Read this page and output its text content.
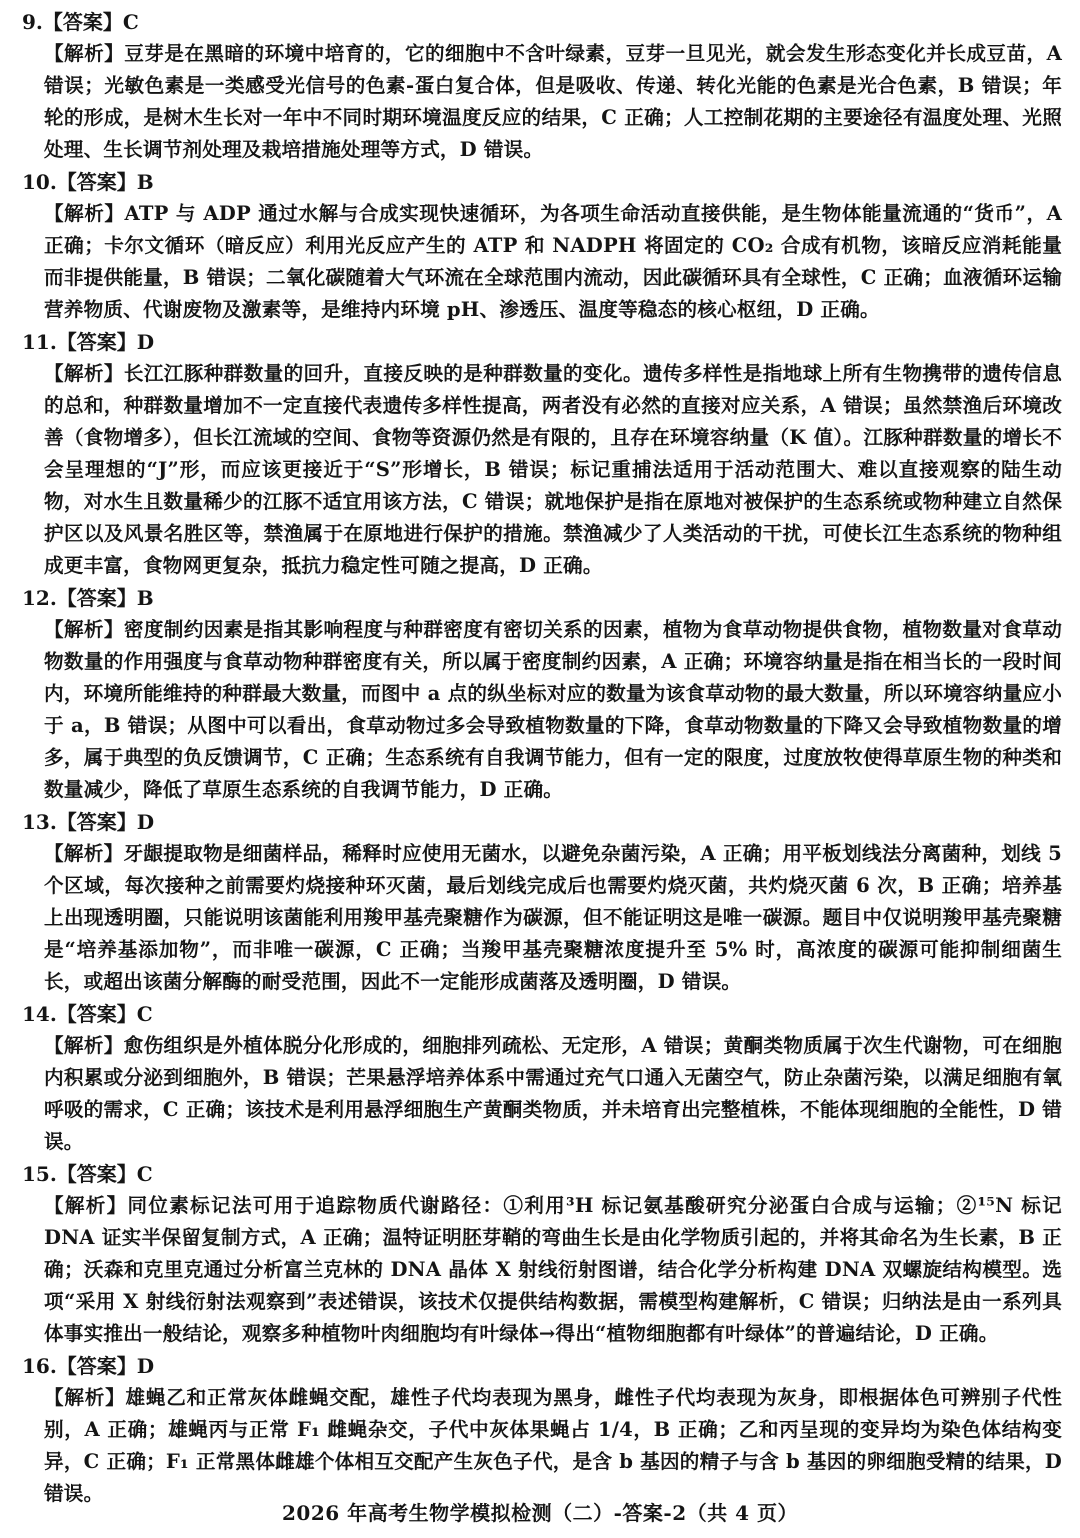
9.【答案】C
【解析】豆芽是在黑暗的环境中培育的，它的细胞中不含叶绿素，豆芽一旦见光，就会发生形态变化并长成豆苗，A 错误；光敏色素是一类感受光信号的色素-蛋白复合体，但是吸收、传递、转化光能的色素是光合色素，B 错误；年轮的形成，是树木生长对一年中不同时期环境温度反应的结果，C 正确；人工控制花期的主要途径有温度处理、光照处理、生长调节剂处理及栽培措施处理等方式，D 错误。
10.【答案】B
【解析】ATP 与 ADP 通过水解与合成实现快速循环，为各项生命活动直接供能，是生物体能量流通的“货币”，A 正确；卡尔文循环（暗反应）利用光反应产生的 ATP 和 NADPH 将固定的 CO₂ 合成有机物，该暗反应消耗能量而非提供能量，B 错误；二氧化碳随着大气环流在全球范围内流动，因此碳循环具有全球性，C 正确；血液循环运输营养物质、代谢废物及激素等，是维持内环境 pH、渗透压、温度等稳态的核心枢纽，D 正确。
11.【答案】D
【解析】长江江豚种群数量的回升，直接反映的是种群数量的变化。遗传多样性是指地球上所有生物携带的遗传信息的总和，种群数量增加不一定直接代表遗传多样性提高，两者没有必然的直接对应关系，A 错误；虽然禁渔后环境改善（食物增多），但长江流域的空间、食物等资源仍然是有限的，且存在环境容纳量（K 值）。江豚种群数量的增长不会呈理想的“J”形，而应该更接近于“S”形增长，B 错误；标记重捕法适用于活动范围大、难以直接观察的陆生动物，对水生且数量稀少的江豚不适宜用该方法，C 错误；就地保护是指在原地对被保护的生态系统或物种建立自然保护区以及风景名胜区等，禁渔属于在原地进行保护的措施。禁渔减少了人类活动的干扰，可使长江生态系统的物种组成更丰富，食物网更复杂，抵抗力稳定性可随之提高，D 正确。
12.【答案】B
【解析】密度制约因素是指其影响程度与种群密度有密切关系的因素，植物为食草动物提供食物，植物数量对食草动物数量的作用强度与食草动物种群密度有关，所以属于密度制约因素，A 正确；环境容纳量是指在相当长的一段时间内，环境所能维持的种群最大数量，而图中 a 点的纵坐标对应的数量为该食草动物的最大数量，所以环境容纳量应小于 a，B 错误；从图中可以看出，食草动物过多会导致植物数量的下降，食草动物数量的下降又会导致植物数量的增多，属于典型的负反馈调节，C 正确；生态系统有自我调节能力，但有一定的限度，过度放牧使得草原生物的种类和数量减少，降低了草原生态系统的自我调节能力，D 正确。
13.【答案】D
【解析】牙龈提取物是细菌样品，稀释时应使用无菌水，以避免杂菌污染，A 正确；用平板划线法分离菌种，划线 5 个区域，每次接种之前需要灼烧接种环灭菌，最后划线完成后也需要灼烧灭菌，共灼烧灭菌 6 次，B 正确；培养基上出现透明圈，只能说明该菌能利用羧甲基壳聚糖作为碳源，但不能证明这是唯一碳源。题目中仅说明羧甲基壳聚糖是“培养基添加物”，而非唯一碳源，C 正确；当羧甲基壳聚糖浓度提升至 5% 时，高浓度的碳源可能抑制细菌生长，或超出该菌分解酶的耐受范围，因此不一定能形成菌落及透明圈，D 错误。
14.【答案】C
【解析】愈伤组织是外植体脱分化形成的，细胞排列疏松、无定形，A 错误；黄酮类物质属于次生代谢物，可在细胞内积累或分泌到细胞外，B 错误；芒果悬浮培养体系中需通过充气口通入无菌空气，防止杂菌污染，以满足细胞有氧呼吸的需求，C 正确；该技术是利用悬浮细胞生产黄酮类物质，并未培育出完整植株，不能体现细胞的全能性，D 错误。
15.【答案】C
【解析】同位素标记法可用于追踪物质代谢路径：①利用³H 标记氨基酸研究分泌蛋白合成与运输；②¹⁵N 标记 DNA 证实半保留复制方式，A 正确；温特证明胚芽鞘的弯曲生长是由化学物质引起的，并将其命名为生长素，B 正确；沃森和克里克通过分析富兰克林的 DNA 晶体 X 射线衍射图谱，结合化学分析构建 DNA 双螺旋结构模型。选项“采用 X 射线衍射法观察到”表述错误，该技术仅提供结构数据，需模型构建解析，C 错误；归纳法是由一系列具体事实推出一般结论，观察多种植物叶肉细胞均有叶绿体→得出“植物细胞都有叶绿体”的普遍结论，D 正确。
16.【答案】D
【解析】雄蝇乙和正常灰体雌蝇交配，雄性子代均表现为黑身，雌性子代均表现为灰身，即根据体色可辨别子代性别，A 正确；雄蝇丙与正常 F₁ 雌蝇杂交，子代中灰体果蝇占 1/4，B 正确；乙和丙呈现的变异均为染色体结构变异，C 正确；F₁ 正常黑体雌雄个体相互交配产生灰色子代，是含 b 基因的精子与含 b 基因的卵细胞受精的结果，D 错误。
2026 年高考生物学模拟检测（二）-答案-2（共 4 页）
